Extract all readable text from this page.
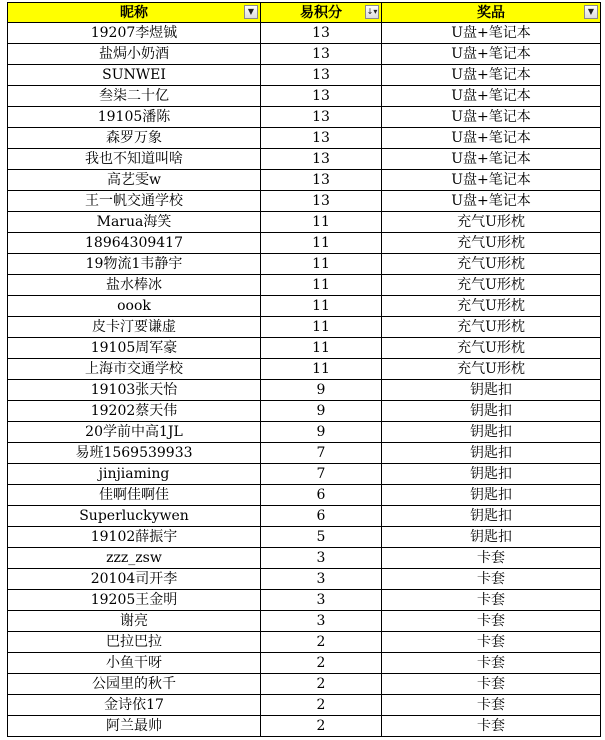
昵称 ▼	易积分 ↓▾	奖品 ▼

19207李煜铖	13	U盘+笔记本
盐焗小奶酒	13	U盘+笔记本
SUNWEI	13	U盘+笔记本
叁柒二十亿	13	U盘+笔记本
19105潘陈	13	U盘+笔记本
森罗万象	13	U盘+笔记本
我也不知道叫啥	13	U盘+笔记本
高艺雯w	13	U盘+笔记本
王一帆交通学校	13	U盘+笔记本
Marua海笑	11	充气U形枕
18964309417	11	充气U形枕
19物流1韦静宇	11	充气U形枕
盐水棒冰	11	充气U形枕
oook	11	充气U形枕
皮卡汀要谦虚	11	充气U形枕
19105周军豪	11	充气U形枕
上海市交通学校	11	充气U形枕
19103张天怡	9	钥匙扣
19202蔡天伟	9	钥匙扣
20学前中高1JL	9	钥匙扣
易班1569539933	7	钥匙扣
jinjiaming	7	钥匙扣
佳啊佳啊佳	6	钥匙扣
Superluckywen	6	钥匙扣
19102薛振宇	5	钥匙扣
zzz_zsw	3	卡套
20104司开李	3	卡套
19205王金明	3	卡套
谢亮	3	卡套
巴拉巴拉	2	卡套
小鱼干呀	2	卡套
公园里的秋千	2	卡套
金诗依17	2	卡套
阿兰最帅	2	卡套
